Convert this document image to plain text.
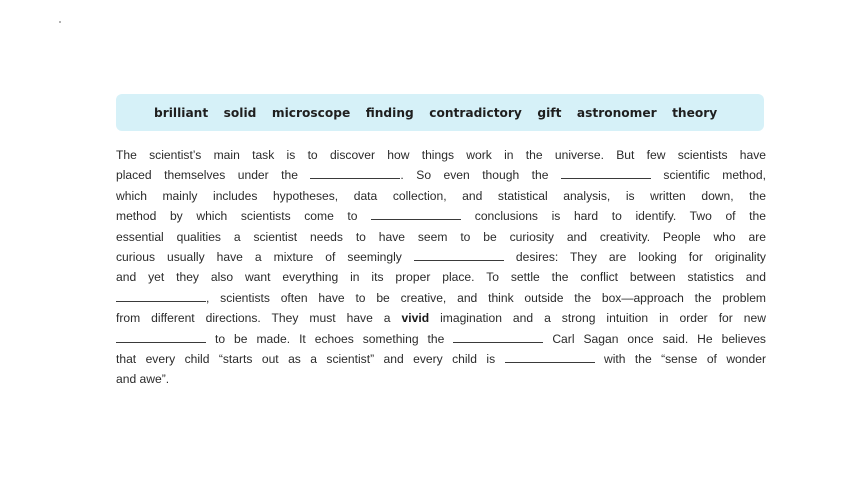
brilliant solid microscope finding contradictory gift astronomer theory
The scientist’s main task is to discover how things work in the universe. But few scientists have
placed themselves under the	. So even though the	scientific method,
which mainly includes hypotheses, data collection, and statistical analysis, is written down, the
method by which scientists come to	conclusions is hard to identify. Two of the
essential qualities a scientist needs to have seem to be curiosity and creativity. People who are
curious usually have a mixture of seemingly	desires: They are looking for originality
and yet they also want everything in its proper place. To settle the conflict between statistics and
, scientists often have to be creative, and think outside the box—approach the problem
from different directions. They must have a vivid imagination and a strong intuition in order for new
to be made. It echoes something the	Carl Sagan once said. He believes
that every child “starts out as a scientist” and every child is	with the “sense of wonder
and awe”.
